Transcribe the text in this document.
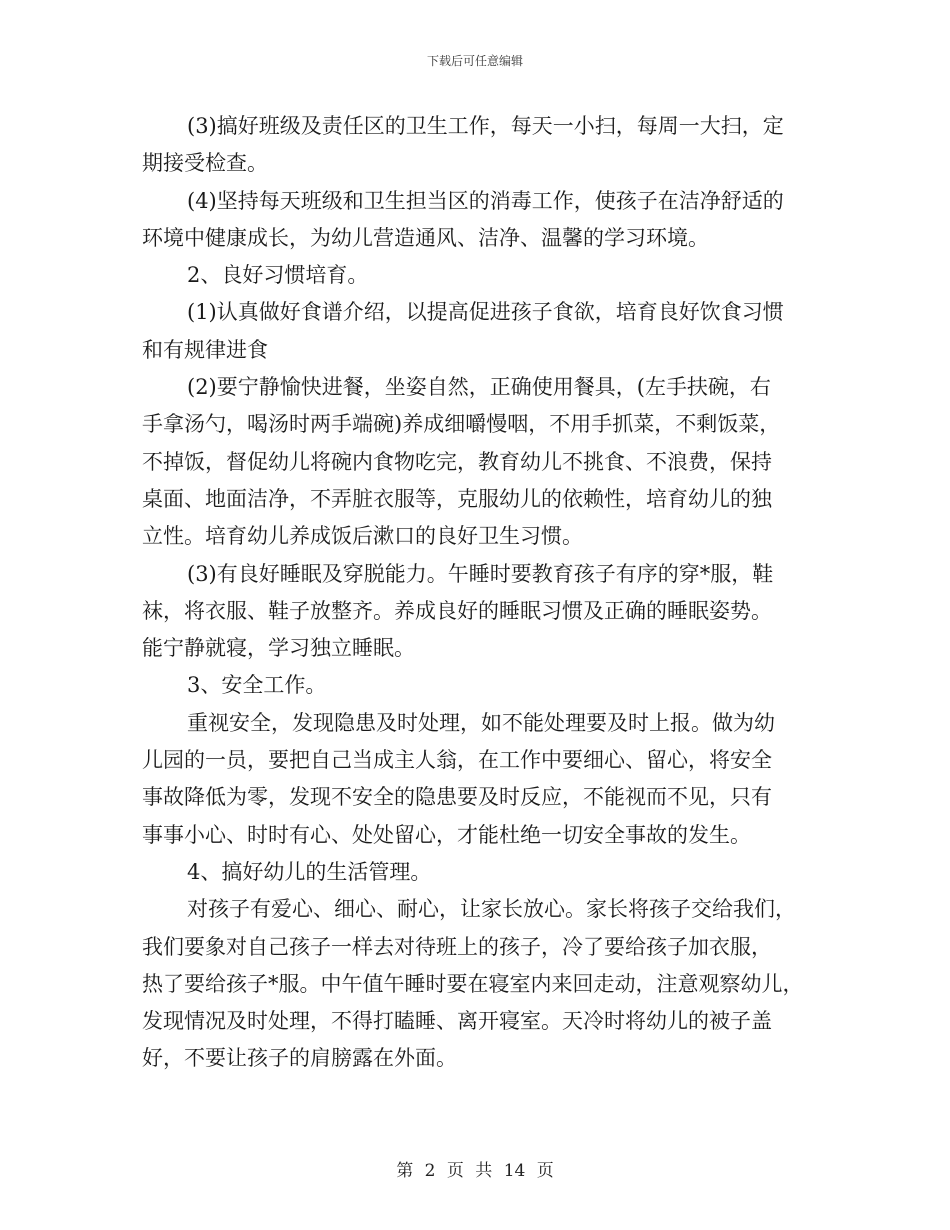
下载后可任意编辑
(3)搞好班级及责任区的卫生工作，每天一小扫，每周一大扫，定
期接受检查。
(4)坚持每天班级和卫生担当区的消毒工作，使孩子在洁净舒适的
环境中健康成长，为幼儿营造通风、洁净、温馨的学习环境。
2、良好习惯培育。
(1)认真做好食谱介绍，以提高促进孩子食欲，培育良好饮食习惯
和有规律进食
(2)要宁静愉快进餐，坐姿自然，正确使用餐具，(左手扶碗，右
手拿汤勺，喝汤时两手端碗)养成细嚼慢咽，不用手抓菜，不剩饭菜，
不掉饭，督促幼儿将碗内食物吃完，教育幼儿不挑食、不浪费，保持
桌面、地面洁净，不弄脏衣服等，克服幼儿的依赖性，培育幼儿的独
立性。培育幼儿养成饭后漱口的良好卫生习惯。
(3)有良好睡眠及穿脱能力。午睡时要教育孩子有序的穿*服，鞋
袜，将衣服、鞋子放整齐。养成良好的睡眠习惯及正确的睡眠姿势。
能宁静就寝，学习独立睡眠。
3、安全工作。
重视安全，发现隐患及时处理，如不能处理要及时上报。做为幼
儿园的一员，要把自己当成主人翁，在工作中要细心、留心，将安全
事故降低为零，发现不安全的隐患要及时反应，不能视而不见，只有
事事小心、时时有心、处处留心，才能杜绝一切安全事故的发生。
4、搞好幼儿的生活管理。
对孩子有爱心、细心、耐心，让家长放心。家长将孩子交给我们，
我们要象对自己孩子一样去对待班上的孩子，冷了要给孩子加衣服，
热了要给孩子*服。中午值午睡时要在寝室内来回走动，注意观察幼儿，
发现情况及时处理，不得打瞌睡、离开寝室。天冷时将幼儿的被子盖
好，不要让孩子的肩膀露在外面。
第 2 页 共 14 页
